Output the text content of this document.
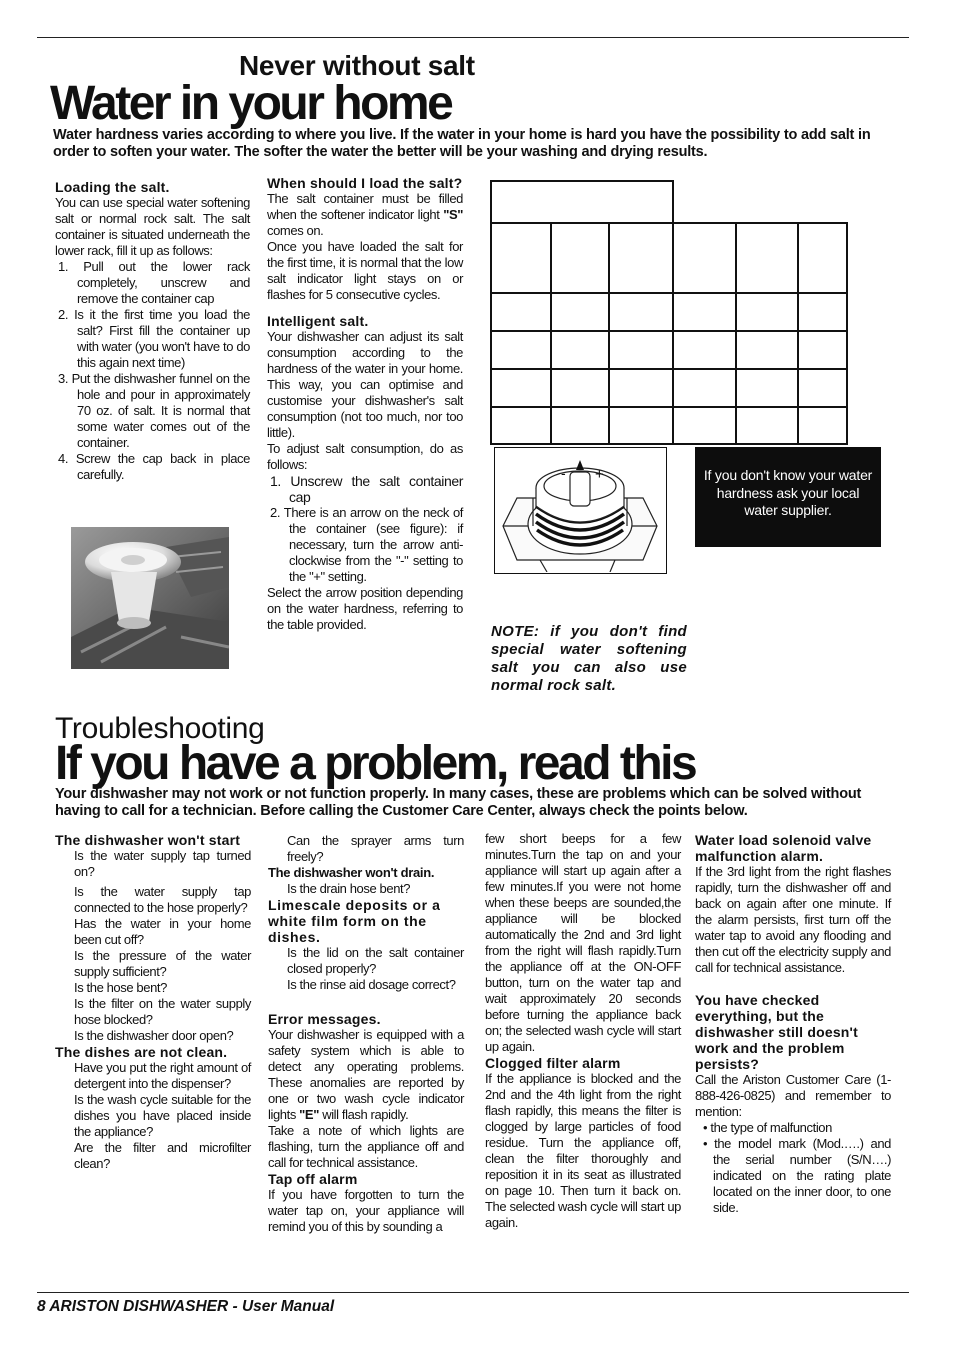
Never without salt
Water in your home
Water hardness varies according to where you live. If the water in your home is hard you have the possibility to add salt in order to soften your water. The softer the water the better will be your washing and drying results.
Loading the salt.

You can use special water softening salt or normal rock salt. The salt container is situated underneath the lower rack, fill it up as follows:

1. Pull out the lower rack completely, unscrew and remove the container cap

2. Is it the first time you load the salt? First fill the container up with water (you won't have to do this again next time)

3. Put the dishwasher funnel on the hole and pour in approximately 70 oz. of salt. It is normal that some water comes out of the container.

4. Screw the cap back in place carefully.

When should I load the salt?

The salt container must be filled when the softener indicator light "S" comes on.

Once you have loaded the salt for the first time, it is normal that the low salt indicator light stays on or flashes for 5 consecutive cycles.

Intelligent salt.

Your dishwasher can adjust its salt consumption according to the hardness of the water in your home. This way, you can optimise and customise your dishwasher's salt consumption (not too much, nor too little).

To adjust salt consumption, do as follows:

1. Unscrew the salt container cap

2. There is an arrow on the neck of the container (see figure): if necessary, turn the arrow anti-clockwise from the "-" setting to the "+" setting.

Select the arrow position depending on the water hardness, referring to the table provided.

- +	If you don't know your water hardness ask your local water supplier.
NOTE: if you don't find special water softening salt you can also use normal rock salt.
Troubleshooting
If you have a problem, read this
Your dishwasher may not work or not function properly. In many cases, these are problems which can be solved without having to call for a technician. Before calling the Customer Care Center, always check the points below.
The dishwasher won't start

Is the water supply tap turned on?

Is the water supply tap connected to the hose properly?

Has the water in your home been cut off?

Is the pressure of the water supply sufficient?

Is the hose bent?

Is the filter on the water supply hose blocked?

Is the dishwasher door open?

The dishes are not clean.

Have you put the right amount of detergent into the dispenser?

Is the wash cycle suitable for the dishes you have placed inside the appliance?

Are the filter and microfilter clean?

Can the sprayer arms turn freely?

The dishwasher won't drain.

Is the drain hose bent?

Limescale deposits or a white film form on the dishes.

Is the lid on the salt container closed properly?

Is the rinse aid dosage correct?

Error messages.

Your dishwasher is equipped with a safety system which is able to detect any operating problems. These anomalies are reported by one or two wash cycle indicator lights "E" will flash rapidly.

Take a note of which lights are flashing, turn the appliance off and call for technical assistance.

Tap off alarm

If you have forgotten to turn the water tap on, your appliance will remind you of this by sounding a

few short beeps for a few minutes.Turn the tap on and your appliance will start up again after a few minutes.If you were not home when these beeps are sounded,the appliance will be blocked automatically the 2nd and 3rd light from the right will flash rapidly.Turn the appliance off at the ON-OFF button, turn on the water tap and wait approximately 20 seconds before turning the appliance back on; the selected wash cycle will start up again.

Clogged filter alarm

If the appliance is blocked and the 2nd and the 4th light from the right flash rapidly, this means the filter is clogged by large particles of food residue. Turn the appliance off, clean the filter thoroughly and reposition it in its seat as illustrated on page 10. Then turn it back on. The selected wash cycle will start up again.

Water load solenoid valve malfunction alarm.

If the 3rd light from the right flashes rapidly, turn the dishwasher off and back on again after one minute. If the alarm persists, first turn off the water tap to avoid any flooding and then cut off the electricity supply and call for technical assistance.

You have checked everything, but the dishwasher still doesn't work and the problem persists?

Call the Ariston Customer Care (1-888-426-0825) and remember to mention:

• the type of malfunction

• the model mark (Mod.….) and the serial number (S/N….) indicated on the rating plate located on the inner door, to one side.

8 ARISTON DISHWASHER - User Manual
